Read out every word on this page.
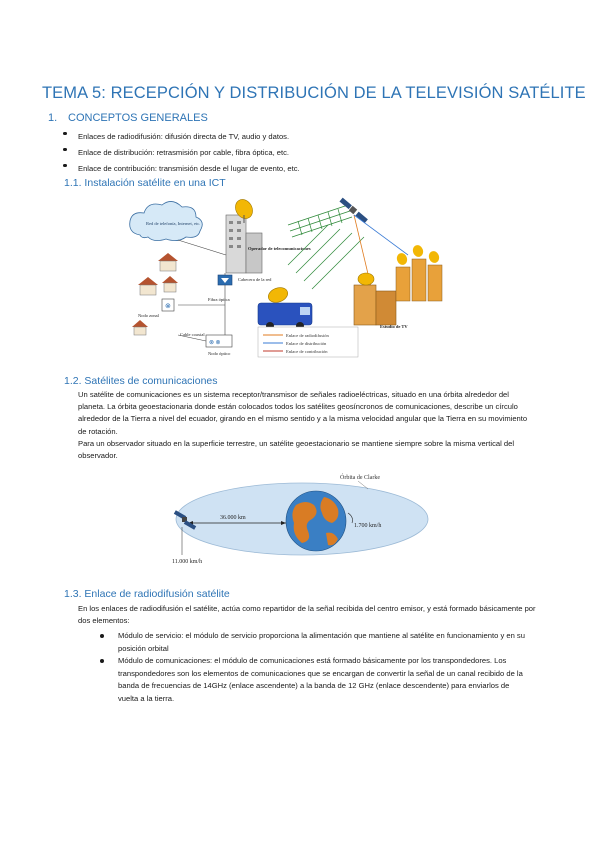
TEMA 5: RECEPCIÓN Y DISTRIBUCIÓN DE LA TELEVISIÓN SATÉLITE
1. CONCEPTOS GENERALES
Enlaces de radiodifusión: difusión directa de TV, audio y datos.
Enlace de distribución: retrasmisión por cable, fibra óptica, etc.
Enlace de contribución: transmisión desde el lugar de evento, etc.
1.1. Instalación satélite en una ICT
Red de telefonía, Internet, etc.
Operador de telecomunicaciones
Cabecera de la red
Fibra óptica
⊗
Nodo zonal
⊗ ⊗
Nodo óptico
Cable coaxial
Estudio de TV
Enlace de radiodifusión
Enlace de distribución
Enlace de contribución
1.2. Satélites de comunicaciones

Un satélite de comunicaciones es un sistema receptor/transmisor de señales radioeléctricas, situado en una órbita alrededor del planeta. La órbita geoestacionaria donde están colocados todos los satélites geosíncronos de comunicaciones, describe un círculo alrededor de la Tierra a nivel del ecuador, girando en el mismo sentido y a la misma velocidad angular que la Tierra en su movimiento de rotación.

Para un observador situado en la superficie terrestre, un satélite geoestacionario se mantiene siempre sobre la misma vertical del observador.

Órbita de Clarke
36.000 km
1.700 km/h
11.000 km/h
1.3. Enlace de radiodifusión satélite

En los enlaces de radiodifusión el satélite, actúa como repartidor de la señal recibida del centro emisor, y está formado básicamente por dos elementos:

Módulo de servicio: el módulo de servicio proporciona la alimentación que mantiene al satélite en funcionamiento y en su posición orbital
Módulo de comunicaciones: el módulo de comunicaciones está formado básicamente por los transpondedores. Los transpondedores son los elementos de comunicaciones que se encargan de convertir la señal de un canal recibido de la banda de frecuencias de 14GHz (enlace ascendente) a la banda de 12 GHz (enlace descendente) para enviarlos de vuelta a la tierra.
